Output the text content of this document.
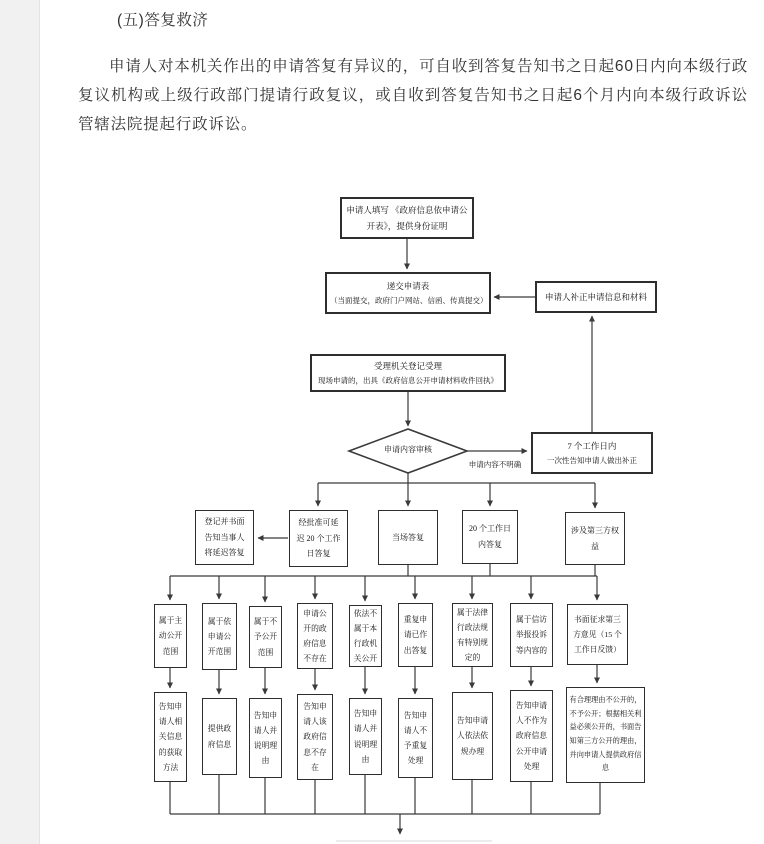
(五)答复救济
申请人对本机关作出的申请答复有异议的，可自收到答复告知书之日起60日内向本级行政复议机构或上级行政部门提请行政复议，或自收到答复告知书之日起6个月内向本级行政诉讼管辖法院提起行政诉讼。
申请人填写 《政府信息依申请公开表》，提供身份证明
递交申请表
（当面提交，政府门户网站、信函、传真提交）	申请人补正申请信息和材料
受理机关登记受理
现场申请的，出具《政府信息公开申请材料收件回执》
申请内容审核
申请内容不明确
7 个工作日内
一次性告知申请人做出补正
登记并书面告知当事人将延迟答复
经批准可延迟 20 个工作日答复
当场答复
20 个工作日内答复
涉及第三方权益
属于主动公开范围
属于依申请公开范围
属于不予公开范围
申请公开的政府信息不存在
依法不属于本行政机关公开
重复申请已作出答复
属于法律行政法规有特别规定的
属于信访举报投诉等内容的
书面征求第三方意见（15 个工作日反馈）
告知申请人相关信息的获取方法
提供政府信息
告知申请人并说明理由
告知申请人该政府信息不存在
告知申请人并说明理由
告知申请人不予重复处理
告知申请人依法依规办理
告知申请人不作为政府信息公开申请处理
有合理理由不公开的，不予公开；根据相关利益必须公开的，书面告知第三方公开的理由，并向申请人提供政府信息
